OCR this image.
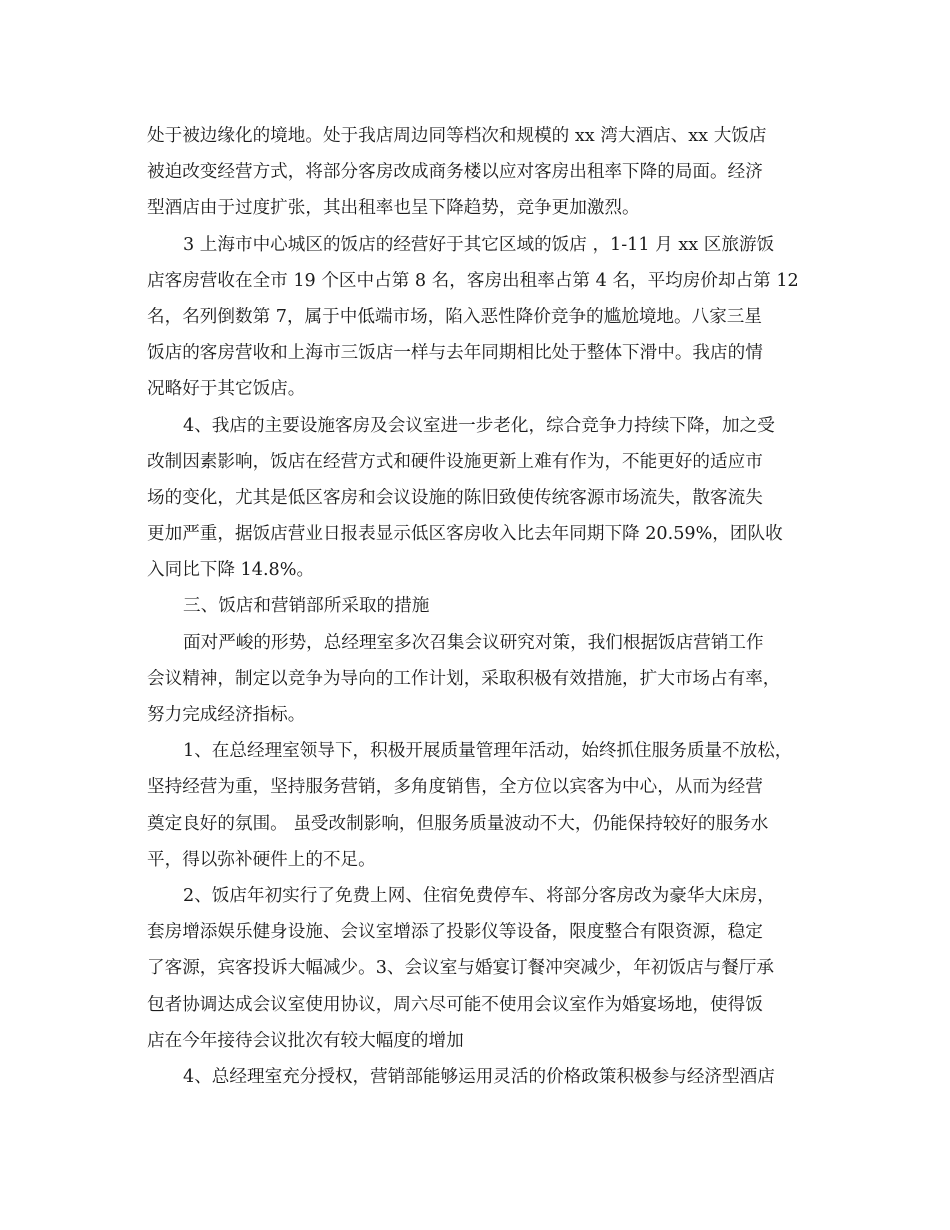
处于被边缘化的境地。处于我店周边同等档次和规模的 xx 湾大酒店、xx 大饭店
被迫改变经营方式，将部分客房改成商务楼以应对客房出租率下降的局面。经济
型酒店由于过度扩张，其出租率也呈下降趋势，竞争更加激烈。
3 上海市中心城区的饭店的经营好于其它区域的饭店 ，1-11 月 xx 区旅游饭
店客房营收在全市 19 个区中占第 8 名，客房出租率占第 4 名，平均房价却占第 12
名，名列倒数第 7，属于中低端市场，陷入恶性降价竞争的尴尬境地。八家三星
饭店的客房营收和上海市三饭店一样与去年同期相比处于整体下滑中。我店的情
况略好于其它饭店。
4、我店的主要设施客房及会议室进一步老化，综合竞争力持续下降，加之受
改制因素影响，饭店在经营方式和硬件设施更新上难有作为，不能更好的适应市
场的变化，尤其是低区客房和会议设施的陈旧致使传统客源市场流失，散客流失
更加严重，据饭店营业日报表显示低区客房收入比去年同期下降 20.59%，团队收
入同比下降 14.8%。
三、饭店和营销部所采取的措施
面对严峻的形势，总经理室多次召集会议研究对策，我们根据饭店营销工作
会议精神，制定以竞争为导向的工作计划，采取积极有效措施，扩大市场占有率，
努力完成经济指标。
1、在总经理室领导下，积极开展质量管理年活动，始终抓住服务质量不放松，
坚持经营为重，坚持服务营销，多角度销售，全方位以宾客为中心，从而为经营
奠定良好的氛围。 虽受改制影响，但服务质量波动不大，仍能保持较好的服务水
平，得以弥补硬件上的不足。
2、饭店年初实行了免费上网、住宿免费停车、将部分客房改为豪华大床房，
套房增添娱乐健身设施、会议室增添了投影仪等设备，限度整合有限资源，稳定
了客源，宾客投诉大幅减少。3、会议室与婚宴订餐冲突减少，年初饭店与餐厅承
包者协调达成会议室使用协议，周六尽可能不使用会议室作为婚宴场地，使得饭
店在今年接待会议批次有较大幅度的增加
4、总经理室充分授权，营销部能够运用灵活的价格政策积极参与经济型酒店
